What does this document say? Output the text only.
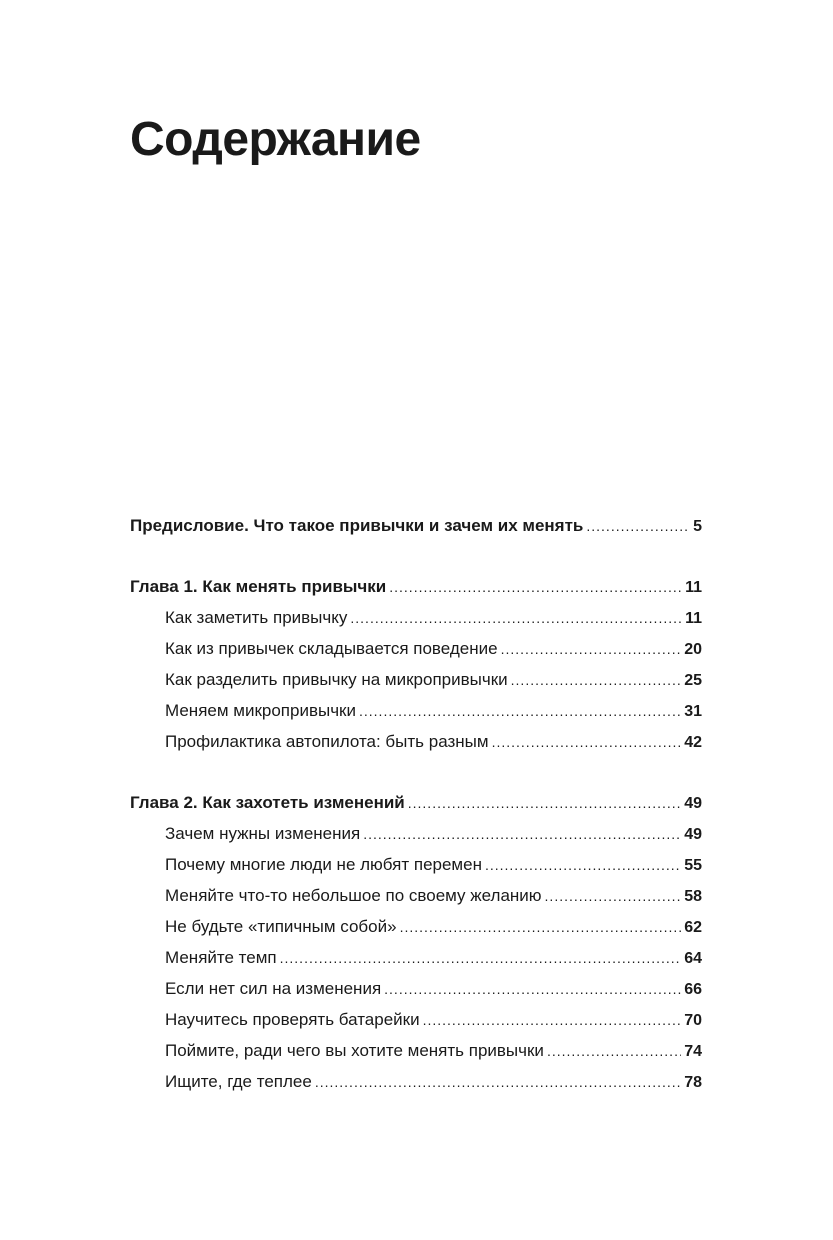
Содержание
Предисловие. Что такое привычки и зачем их менять .....	5
Глава 1. Как менять привычки .....	11
Как заметить привычку .....	11
Как из привычек складывается поведение .....	20
Как разделить привычку на микропривычки .....	25
Меняем микропривычки .....	31
Профилактика автопилота: быть разным .....	42
Глава 2. Как захотеть изменений .....	49
Зачем нужны изменения .....	49
Почему многие люди не любят перемен .....	55
Меняйте что-то небольшое по своему желанию .....	58
Не будьте «типичным собой» .....	62
Меняйте темп .....	64
Если нет сил на изменения .....	66
Научитесь проверять батарейки .....	70
Поймите, ради чего вы хотите менять привычки .....	74
Ищите, где теплее .....	78
